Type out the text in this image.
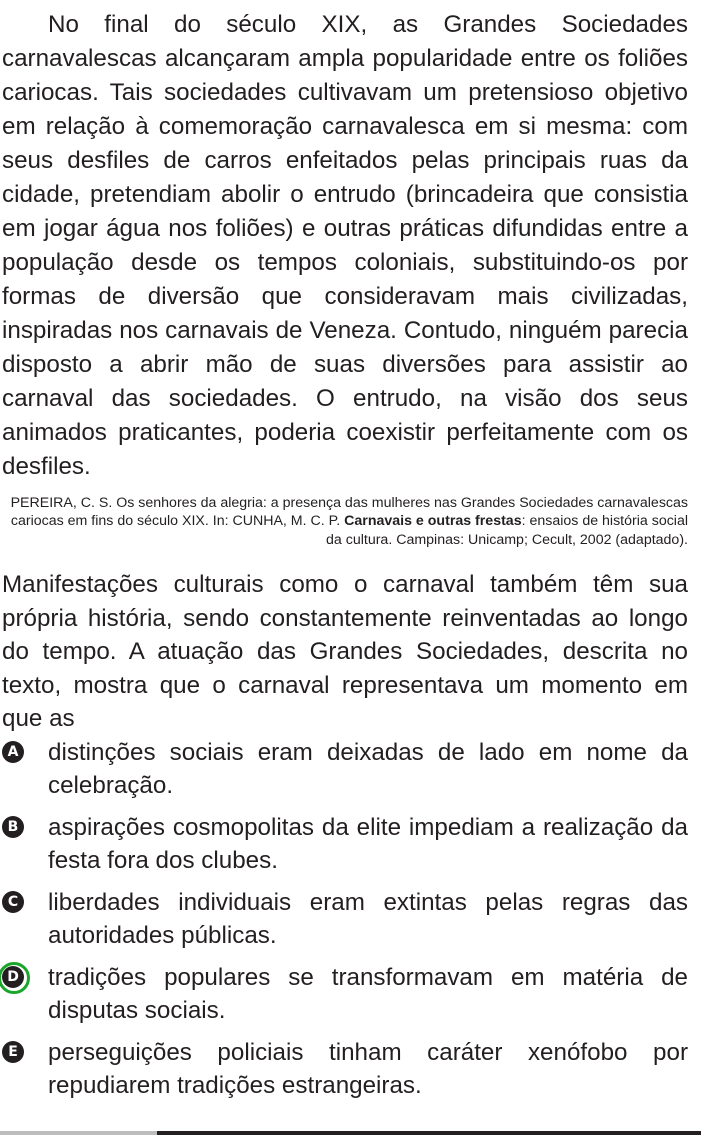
No final do século XIX, as Grandes Sociedades carnavalescas alcançaram ampla popularidade entre os foliões cariocas. Tais sociedades cultivavam um pretensioso objetivo em relação à comemoração carnavalesca em si mesma: com seus desfiles de carros enfeitados pelas principais ruas da cidade, pretendiam abolir o entrudo (brincadeira que consistia em jogar água nos foliões) e outras práticas difundidas entre a população desde os tempos coloniais, substituindo-os por formas de diversão que consideravam mais civilizadas, inspiradas nos carnavais de Veneza. Contudo, ninguém parecia disposto a abrir mão de suas diversões para assistir ao carnaval das sociedades. O entrudo, na visão dos seus animados praticantes, poderia coexistir perfeitamente com os desfiles.

PEREIRA, C. S. Os senhores da alegria: a presença das mulheres nas Grandes Sociedades carnavalescas cariocas em fins do século XIX. In: CUNHA, M. C. P. Carnavais e outras frestas: ensaios de história social da cultura. Campinas: Unicamp; Cecult, 2002 (adaptado).

Manifestações culturais como o carnaval também têm sua própria história, sendo constantemente reinventadas ao longo do tempo. A atuação das Grandes Sociedades, descrita no texto, mostra que o carnaval representava um momento em que as

A distinções sociais eram deixadas de lado em nome da celebração.
B aspirações cosmopolitas da elite impediam a realização da festa fora dos clubes.
C liberdades individuais eram extintas pelas regras das autoridades públicas.
D tradições populares se transformavam em matéria de disputas sociais.
E perseguições policiais tinham caráter xenófobo por repudiarem tradições estrangeiras.
